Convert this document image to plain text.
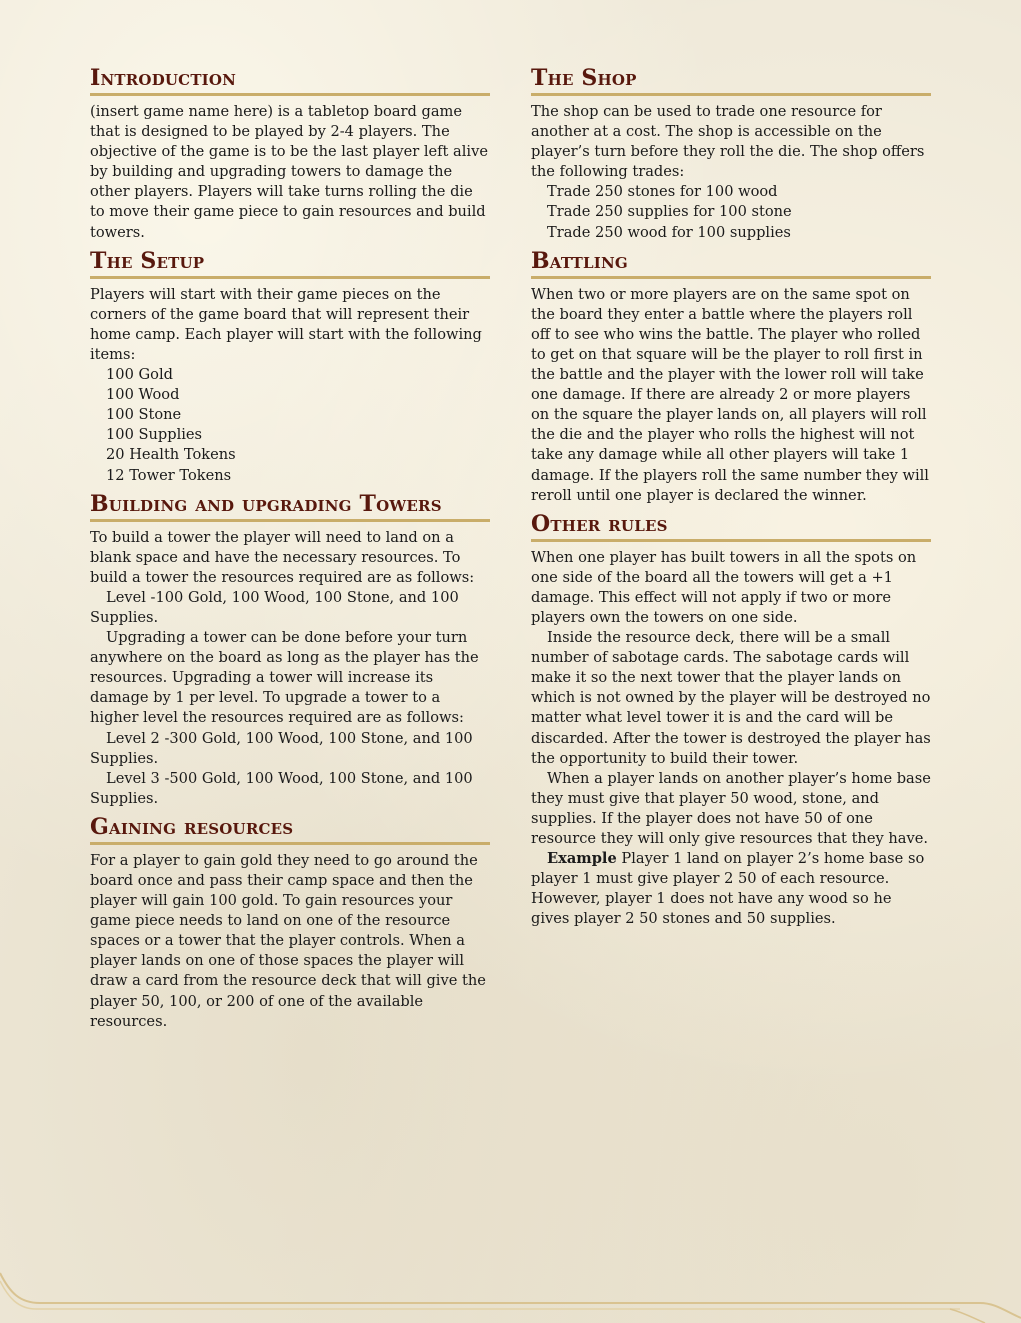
Introduction

(insert game name here) is a tabletop board game that is designed to be played by 2-4 players. The objective of the game is to be the last player left alive by building and upgrading towers to damage the other players. Players will take turns rolling the die to move their game piece to gain resources and build towers.

The Setup

Players will start with their game pieces on the corners of the game board that will represent their home camp. Each player will start with the following items:

100 Gold
100 Wood
100 Stone
100 Supplies
20 Health Tokens
12 Tower Tokens
Building and upgrading Towers

To build a tower the player will need to land on a blank space and have the necessary resources. To build a tower the resources required are as follows:

Level -100 Gold, 100 Wood, 100 Stone, and 100 Supplies.

Upgrading a tower can be done before your turn anywhere on the board as long as the player has the resources. Upgrading a tower will increase its damage by 1 per level. To upgrade a tower to a higher level the resources required are as follows:

Level 2 -300 Gold, 100 Wood, 100 Stone, and 100 Supplies.

Level 3 -500 Gold, 100 Wood, 100 Stone, and 100 Supplies.

Gaining resources

For a player to gain gold they need to go around the board once and pass their camp space and then the player will gain 100 gold. To gain resources your game piece needs to land on one of the resource spaces or a tower that the player controls. When a player lands on one of those spaces the player will draw a card from the resource deck that will give the player 50, 100, or 200 of one of the available resources.

The Shop

The shop can be used to trade one resource for another at a cost. The shop is accessible on the player’s turn before they roll the die. The shop offers the following trades:

Trade 250 stones for 100 wood
Trade 250 supplies for 100 stone
Trade 250 wood for 100 supplies
Battling

When two or more players are on the same spot on the board they enter a battle where the players roll off to see who wins the battle. The player who rolled to get on that square will be the player to roll first in the battle and the player with the lower roll will take one damage. If there are already 2 or more players on the square the player lands on, all players will roll the die and the player who rolls the highest will not take any damage while all other players will take 1 damage. If the players roll the same number they will reroll until one player is declared the winner.

Other rules

When one player has built towers in all the spots on one side of the board all the towers will get a +1 damage. This effect will not apply if two or more players own the towers on one side.

Inside the resource deck, there will be a small number of sabotage cards. The sabotage cards will make it so the next tower that the player lands on which is not owned by the player will be destroyed no matter what level tower it is and the card will be discarded. After the tower is destroyed the player has the opportunity to build their tower.

When a player lands on another player’s home base they must give that player 50 wood, stone, and supplies. If the player does not have 50 of one resource they will only give resources that they have.

Example Player 1 land on player 2’s home base so player 1 must give player 2 50 of each resource. However, player 1 does not have any wood so he gives player 2 50 stones and 50 supplies.
